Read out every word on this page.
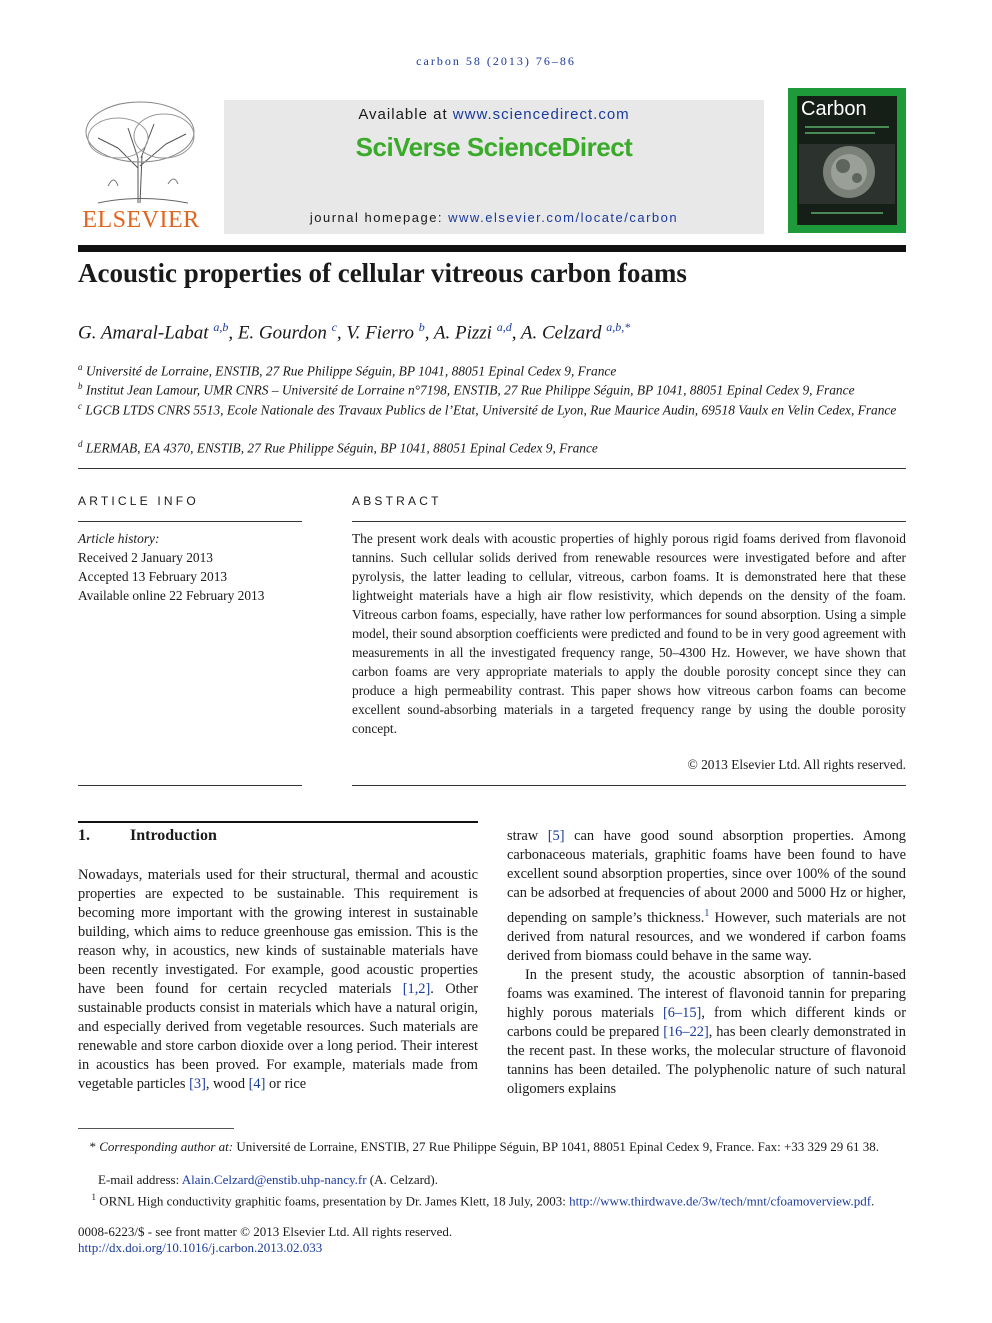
carbon 58 (2013) 76–86
ELSEVIER
Available at www.sciencedirect.com
SciVerse ScienceDirect
journal homepage: www.elsevier.com/locate/carbon
Carbon
Acoustic properties of cellular vitreous carbon foams
G. Amaral-Labat $^{a,b}$, E. Gourdon $^c$, V. Fierro $^b$, A. Pizzi $^{a,d}$, A. Celzard $^{a,b,*}$
$^a$ Université de Lorraine, ENSTIB, 27 Rue Philippe Séguin, BP 1041, 88051 Epinal Cedex 9, France
$^b$ Institut Jean Lamour, UMR CNRS – Université de Lorraine n°7198, ENSTIB, 27 Rue Philippe Séguin, BP 1041, 88051 Epinal Cedex 9, France
$^c$ LGCB LTDS CNRS 5513, Ecole Nationale des Travaux Publics de l’Etat, Université de Lyon, Rue Maurice Audin, 69518 Vaulx en Velin Cedex, France
$^d$ LERMAB, EA 4370, ENSTIB, 27 Rue Philippe Séguin, BP 1041, 88051 Epinal Cedex 9, France
ARTICLE INFO	ABSTRACT
Article history:
Received 2 January 2013
Accepted 13 February 2013
Available online 22 February 2013
The present work deals with acoustic properties of highly porous rigid foams derived from flavonoid tannins. Such cellular solids derived from renewable resources were investigated before and after pyrolysis, the latter leading to cellular, vitreous, carbon foams. It is demonstrated here that these lightweight materials have a high air flow resistivity, which depends on the density of the foam. Vitreous carbon foams, especially, have rather low performances for sound absorption. Using a simple model, their sound absorption coefficients were predicted and found to be in very good agreement with measurements in all the investigated frequency range, 50–4300 Hz. However, we have shown that carbon foams are very appropriate materials to apply the double porosity concept since they can produce a high permeability contrast. This paper shows how vitreous carbon foams can become excellent sound-absorbing materials in a targeted frequency range by using the double porosity concept.
© 2013 Elsevier Ltd. All rights reserved.
1.	Introduction

Nowadays, materials used for their structural, thermal and acoustic properties are expected to be sustainable. This requirement is becoming more important with the growing interest in sustainable building, which aims to reduce greenhouse gas emission. This is the reason why, in acoustics, new kinds of sustainable materials have been recently investigated. For example, good acoustic properties have been found for certain recycled materials [1,2]. Other sustainable products consist in materials which have a natural origin, and especially derived from vegetable resources. Such materials are renewable and store carbon dioxide over a long period. Their interest in acoustics has been proved. For example, materials made from vegetable particles [3], wood [4] or rice

straw [5] can have good sound absorption properties. Among carbonaceous materials, graphitic foams have been found to have excellent sound absorption properties, since over 100% of the sound can be adsorbed at frequencies of about 2000 and 5000 Hz or higher, depending on sample’s thickness.$^1$ However, such materials are not derived from natural resources, and we wondered if carbon foams derived from biomass could behave in the same way.

In the present study, the acoustic absorption of tannin-based foams was examined. The interest of flavonoid tannin for preparing highly porous materials [6–15], from which different kinds or carbons could be prepared [16–22], has been clearly demonstrated in the recent past. In these works, the molecular structure of flavonoid tannins has been detailed. The polyphenolic nature of such natural oligomers explains

* Corresponding author at: Université de Lorraine, ENSTIB, 27 Rue Philippe Séguin, BP 1041, 88051 Epinal Cedex 9, France. Fax: +33 329 29 61 38.
E-mail address: Alain.Celzard@enstib.uhp-nancy.fr (A. Celzard).
$^1$ ORNL High conductivity graphitic foams, presentation by Dr. James Klett, 18 July, 2003: http://www.thirdwave.de/3w/tech/mnt/cfoamoverview.pdf.
0008-6223/$ - see front matter © 2013 Elsevier Ltd. All rights reserved.
http://dx.doi.org/10.1016/j.carbon.2013.02.033
